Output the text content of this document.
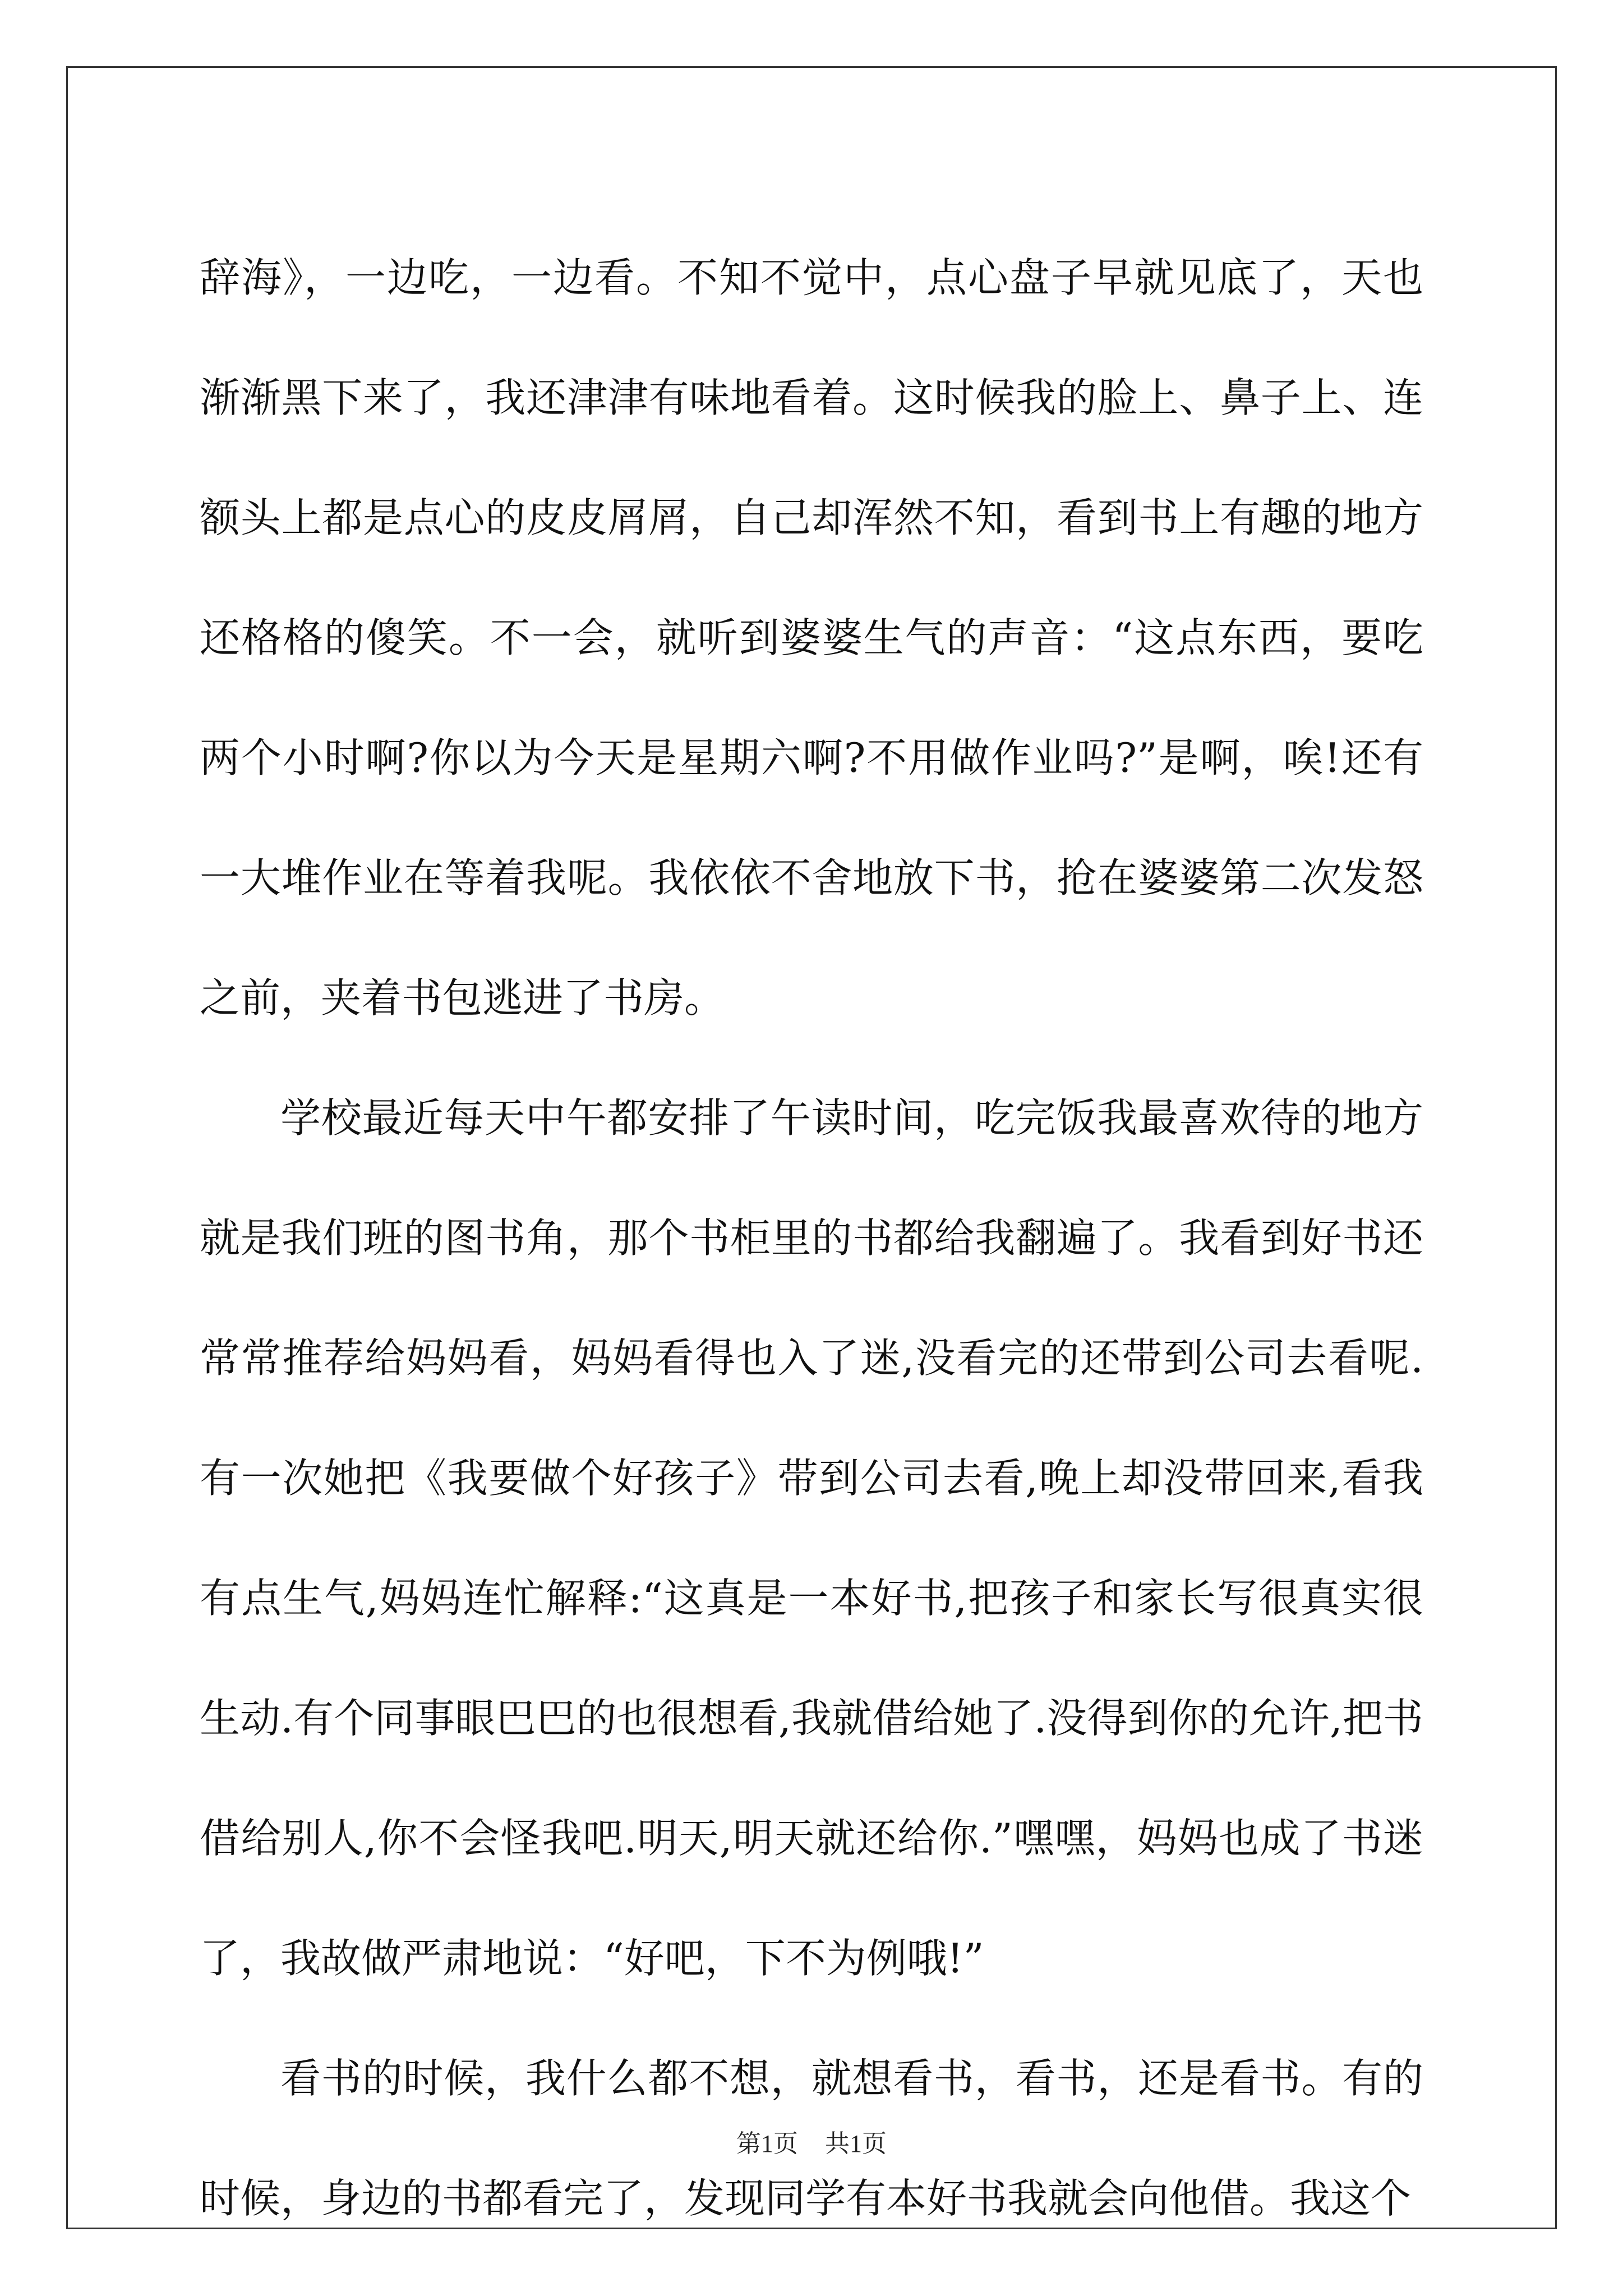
辞海》，一边吃，一边看。不知不觉中，点心盘子早就见底了，天也渐渐黑下来了，我还津津有味地看着。这时候我的脸上、鼻子上、连额头上都是点心的皮皮屑屑，自己却浑然不知，看到书上有趣的地方还格格的傻笑。不一会，就听到婆婆生气的声音：“这点东西，要吃两个小时啊?你以为今天是星期六啊?不用做作业吗?”是啊，唉!还有一大堆作业在等着我呢。我依依不舍地放下书，抢在婆婆第二次发怒之前，夹着书包逃进了书房。

学校最近每天中午都安排了午读时间，吃完饭我最喜欢待的地方就是我们班的图书角，那个书柜里的书都给我翻遍了。我看到好书还常常推荐给妈妈看，妈妈看得也入了迷,没看完的还带到公司去看呢.有一次她把《我要做个好孩子》带到公司去看,晚上却没带回来,看我有点生气,妈妈连忙解释:“这真是一本好书,把孩子和家长写很真实很生动.有个同事眼巴巴的也很想看,我就借给她了.没得到你的允许,把书借给别人,你不会怪我吧.明天,明天就还给你.”嘿嘿，妈妈也成了书迷了，我故做严肃地说：“好吧，下不为例哦!”

看书的时候，我什么都不想，就想看书，看书，还是看书。有的时候，身边的书都看完了，发现同学有本好书我就会向他借。我这个

第1页 共1页
